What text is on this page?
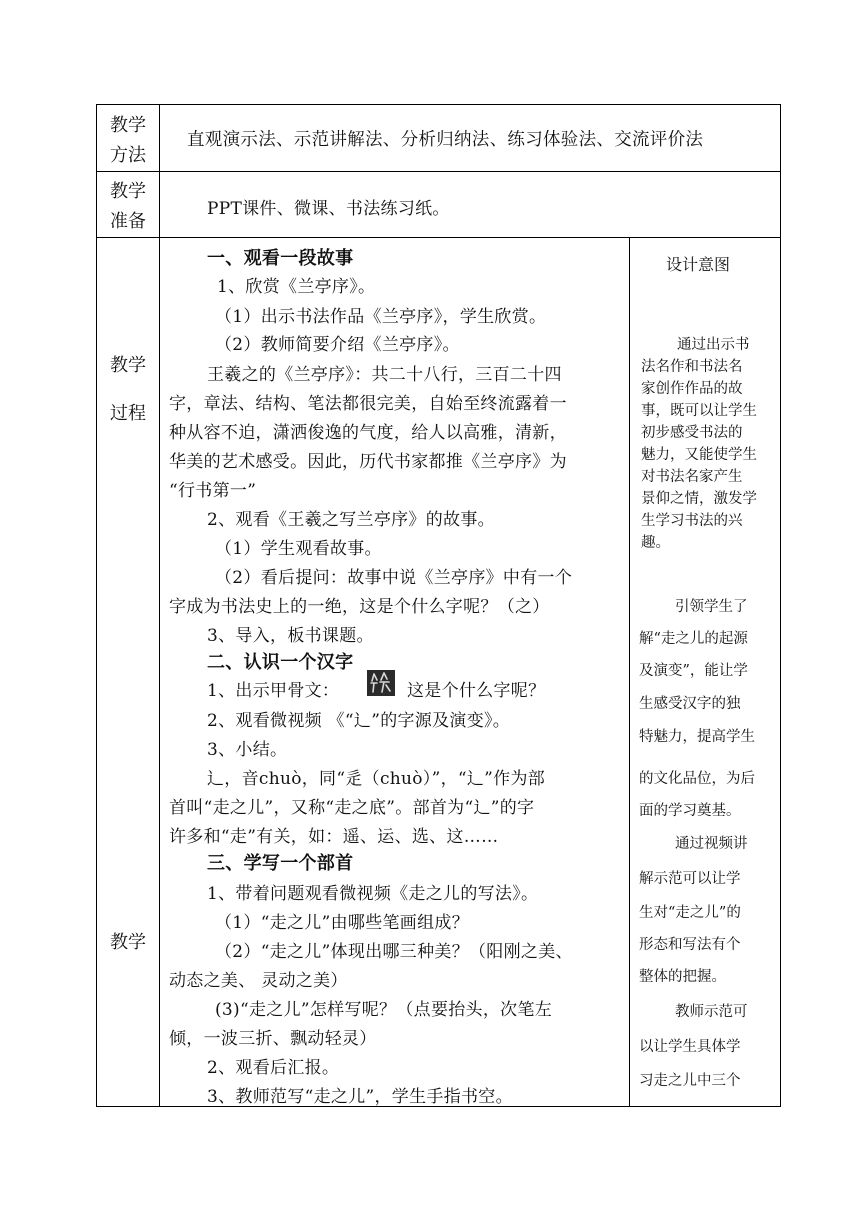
教学
方法
直观演示法、示范讲解法、分析归纳法、练习体验法、交流评价法
教学
准备
PPT课件、微课、书法练习纸。
教学
过程
教学
一、观看一段故事
1、欣赏《兰亭序》。
（1）出示书法作品《兰亭序》，学生欣赏。
（2）教师简要介绍《兰亭序》。
王羲之的《兰亭序》：共二十八行，三百二十四
字，章法、结构、笔法都很完美，自始至终流露着一
种从容不迫，潇洒俊逸的气度，给人以高雅，清新，
华美的艺术感受。因此，历代书家都推《兰亭序》为
“行书第一”
2、观看《王羲之写兰亭序》的故事。
（1）学生观看故事。
（2）看后提问：故事中说《兰亭序》中有一个
字成为书法史上的一绝，这是个什么字呢？（之）
3、导入，板书课题。
二、认识一个汉字
1、出示甲骨文：	这是个什么字呢？
2、观看微视频 《“辶”的字源及演变》。
3、小结。
辶，音chuò，同“辵（chuò）”，“辶”作为部
首叫“走之儿”，又称“走之底”。部首为“辶”的字
许多和“走”有关，如：遥、运、选、这……
三、学写一个部首
1、带着问题观看微视频《走之儿的写法》。
（1）“走之儿”由哪些笔画组成？
（2）“走之儿”体现出哪三种美？（阳刚之美、
动态之美、 灵动之美）
(3)“走之儿”怎样写呢？（点要抬头，次笔左
倾，一波三折、飘动轻灵）
2、观看后汇报。
3、教师范写“走之儿”，学生手指书空。
设计意图
通过出示书
法名作和书法名
家创作作品的故
事，既可以让学生
初步感受书法的
魅力，又能使学生
对书法名家产生
景仰之情，激发学
生学习书法的兴
趣。
引领学生了
解“走之儿的起源
及演变”，能让学
生感受汉字的独
特魅力，提高学生
的文化品位，为后
面的学习奠基。
通过视频讲
解示范可以让学
生对“走之儿”的
形态和写法有个
整体的把握。
教师示范可
以让学生具体学
习走之儿中三个
